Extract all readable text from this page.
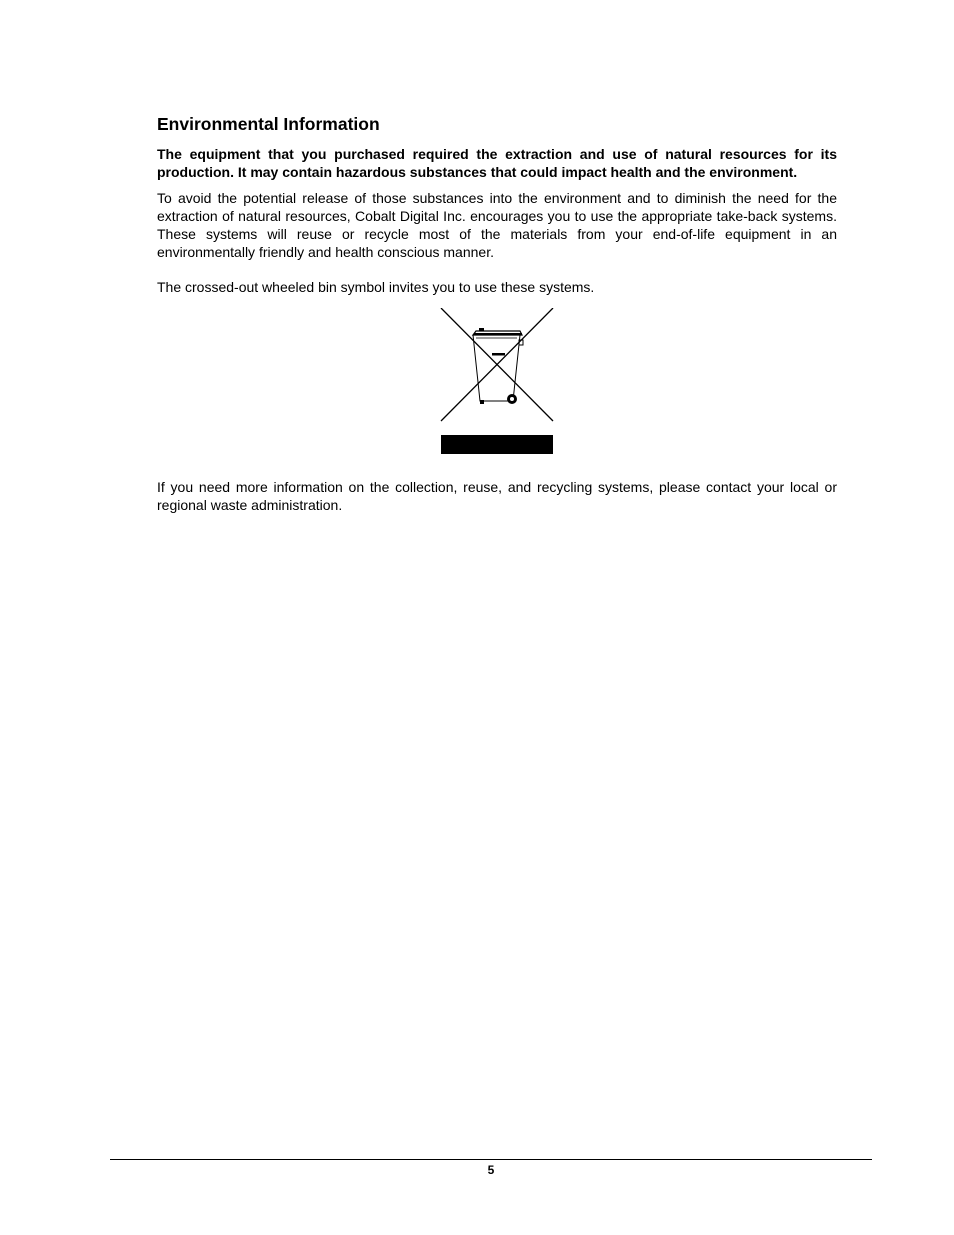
Environmental Information

The equipment that you purchased required the extraction and use of natural resources for its production. It may contain hazardous substances that could impact health and the environment.

To avoid the potential release of those substances into the environment and to diminish the need for the extraction of natural resources, Cobalt Digital Inc. encourages you to use the appropriate take-back systems. These systems will reuse or recycle most of the materials from your end-of-life equipment in an environmentally friendly and health conscious manner.

The crossed-out wheeled bin symbol invites you to use these systems.

If you need more information on the collection, reuse, and recycling systems, please contact your local or regional waste administration.

5
